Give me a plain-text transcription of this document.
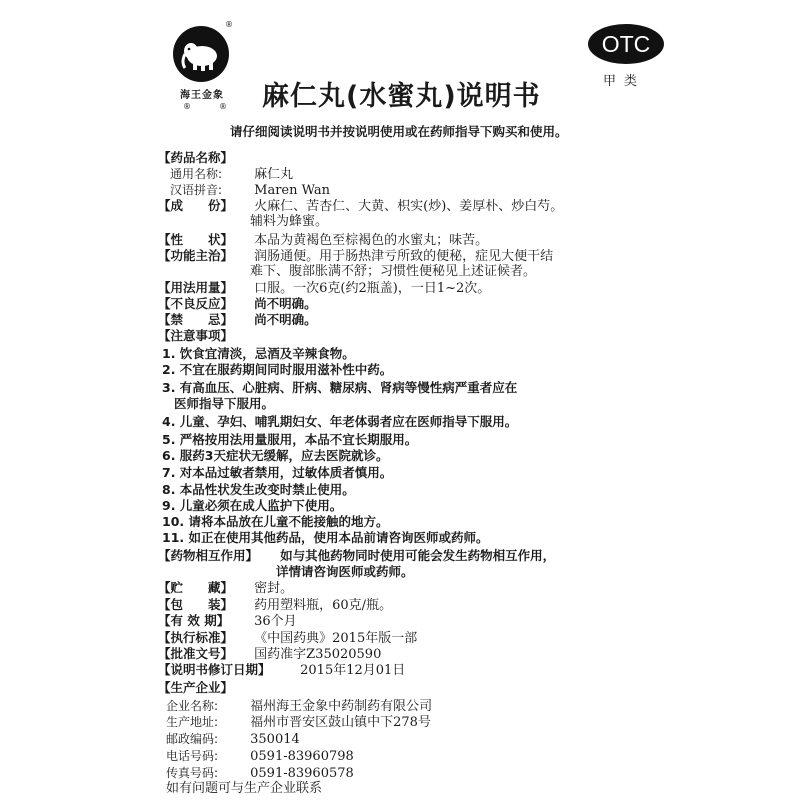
®
海王金象
®	® 麻仁丸(水蜜丸)说明书
OTC
甲类
请仔细阅读说明书并按说明使用或在药师指导下购买和使用。
【药品名称】
通用名称: 麻仁丸
汉语拼音: Maren Wan
【成　　份】 火麻仁、苦杏仁、大黄、枳实(炒)、姜厚朴、炒白芍。
辅料为蜂蜜。
【性　　状】 本品为黄褐色至棕褐色的水蜜丸；味苦。
【功能主治】 润肠通便。用于肠热津亏所致的便秘，症见大便干结
难下、腹部胀满不舒；习惯性便秘见上述证候者。
【用法用量】 口服。一次6克(约2瓶盖)，一日1~2次。
【不良反应】 尚不明确。
【禁　　忌】 尚不明确。
【注意事项】
1. 饮食宜清淡，忌酒及辛辣食物。
2. 不宜在服药期间同时服用滋补性中药。
3. 有高血压、心脏病、肝病、糖尿病、肾病等慢性病严重者应在
医师指导下服用。
4. 儿童、孕妇、哺乳期妇女、年老体弱者应在医师指导下服用。
5. 严格按用法用量服用，本品不宜长期服用。
6. 服药3天症状无缓解，应去医院就诊。
7. 对本品过敏者禁用，过敏体质者慎用。
8. 本品性状发生改变时禁止使用。
9. 儿童必须在成人监护下使用。
10. 请将本品放在儿童不能接触的地方。
11. 如正在使用其他药品，使用本品前请咨询医师或药师。
【药物相互作用】 如与其他药物同时使用可能会发生药物相互作用，
详情请咨询医师或药师。
【贮　　藏】 密封。
【包　　装】 药用塑料瓶，60克/瓶。
【有 效 期】 36个月
【执行标准】 《中国药典》2015年版一部
【批准文号】 国药准字Z35020590
【说明书修订日期】 2015年12月01日
【生产企业】
企业名称: 福州海王金象中药制药有限公司
生产地址: 福州市晋安区鼓山镇中下278号
邮政编码: 350014
电话号码: 0591-83960798
传真号码: 0591-83960578
如有问题可与生产企业联系
